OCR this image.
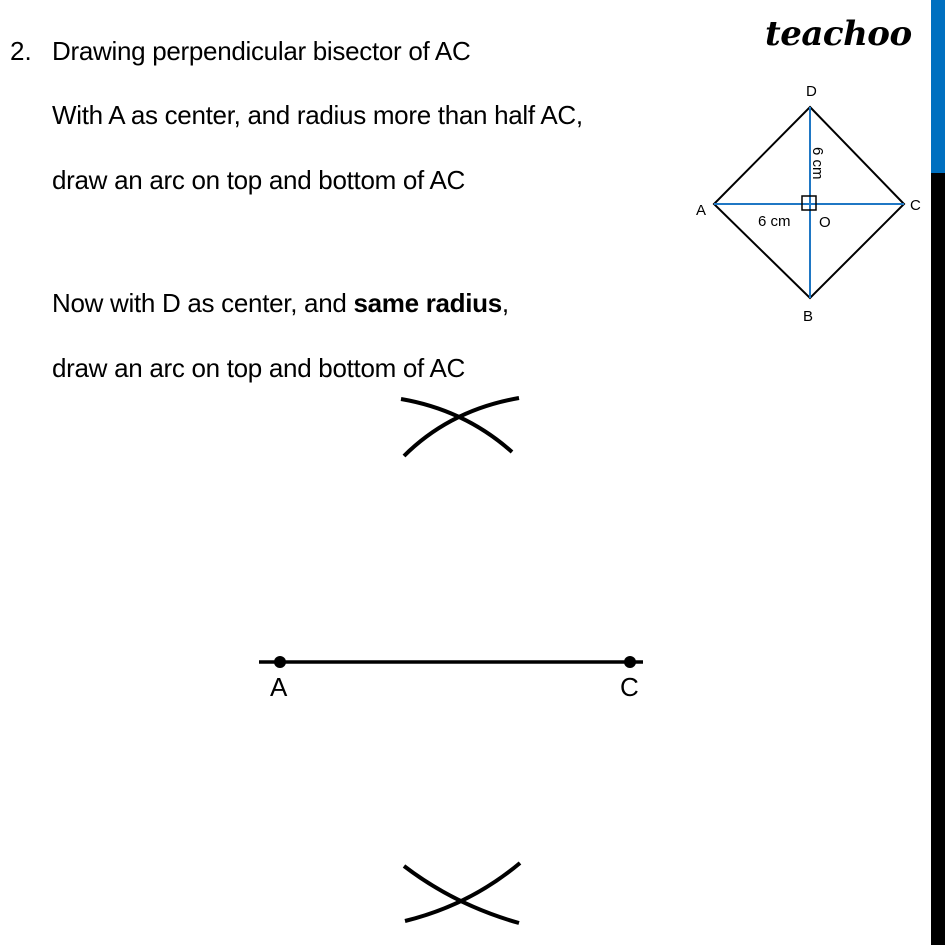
teachoo
2. Drawing perpendicular bisector of AC
With A as center, and radius more than half AC,
draw an arc on top and bottom of AC
Now with D as center, and same radius,
draw an arc on top and bottom of AC
D
A	C
B
O
6 cm
6 cm
A	C
